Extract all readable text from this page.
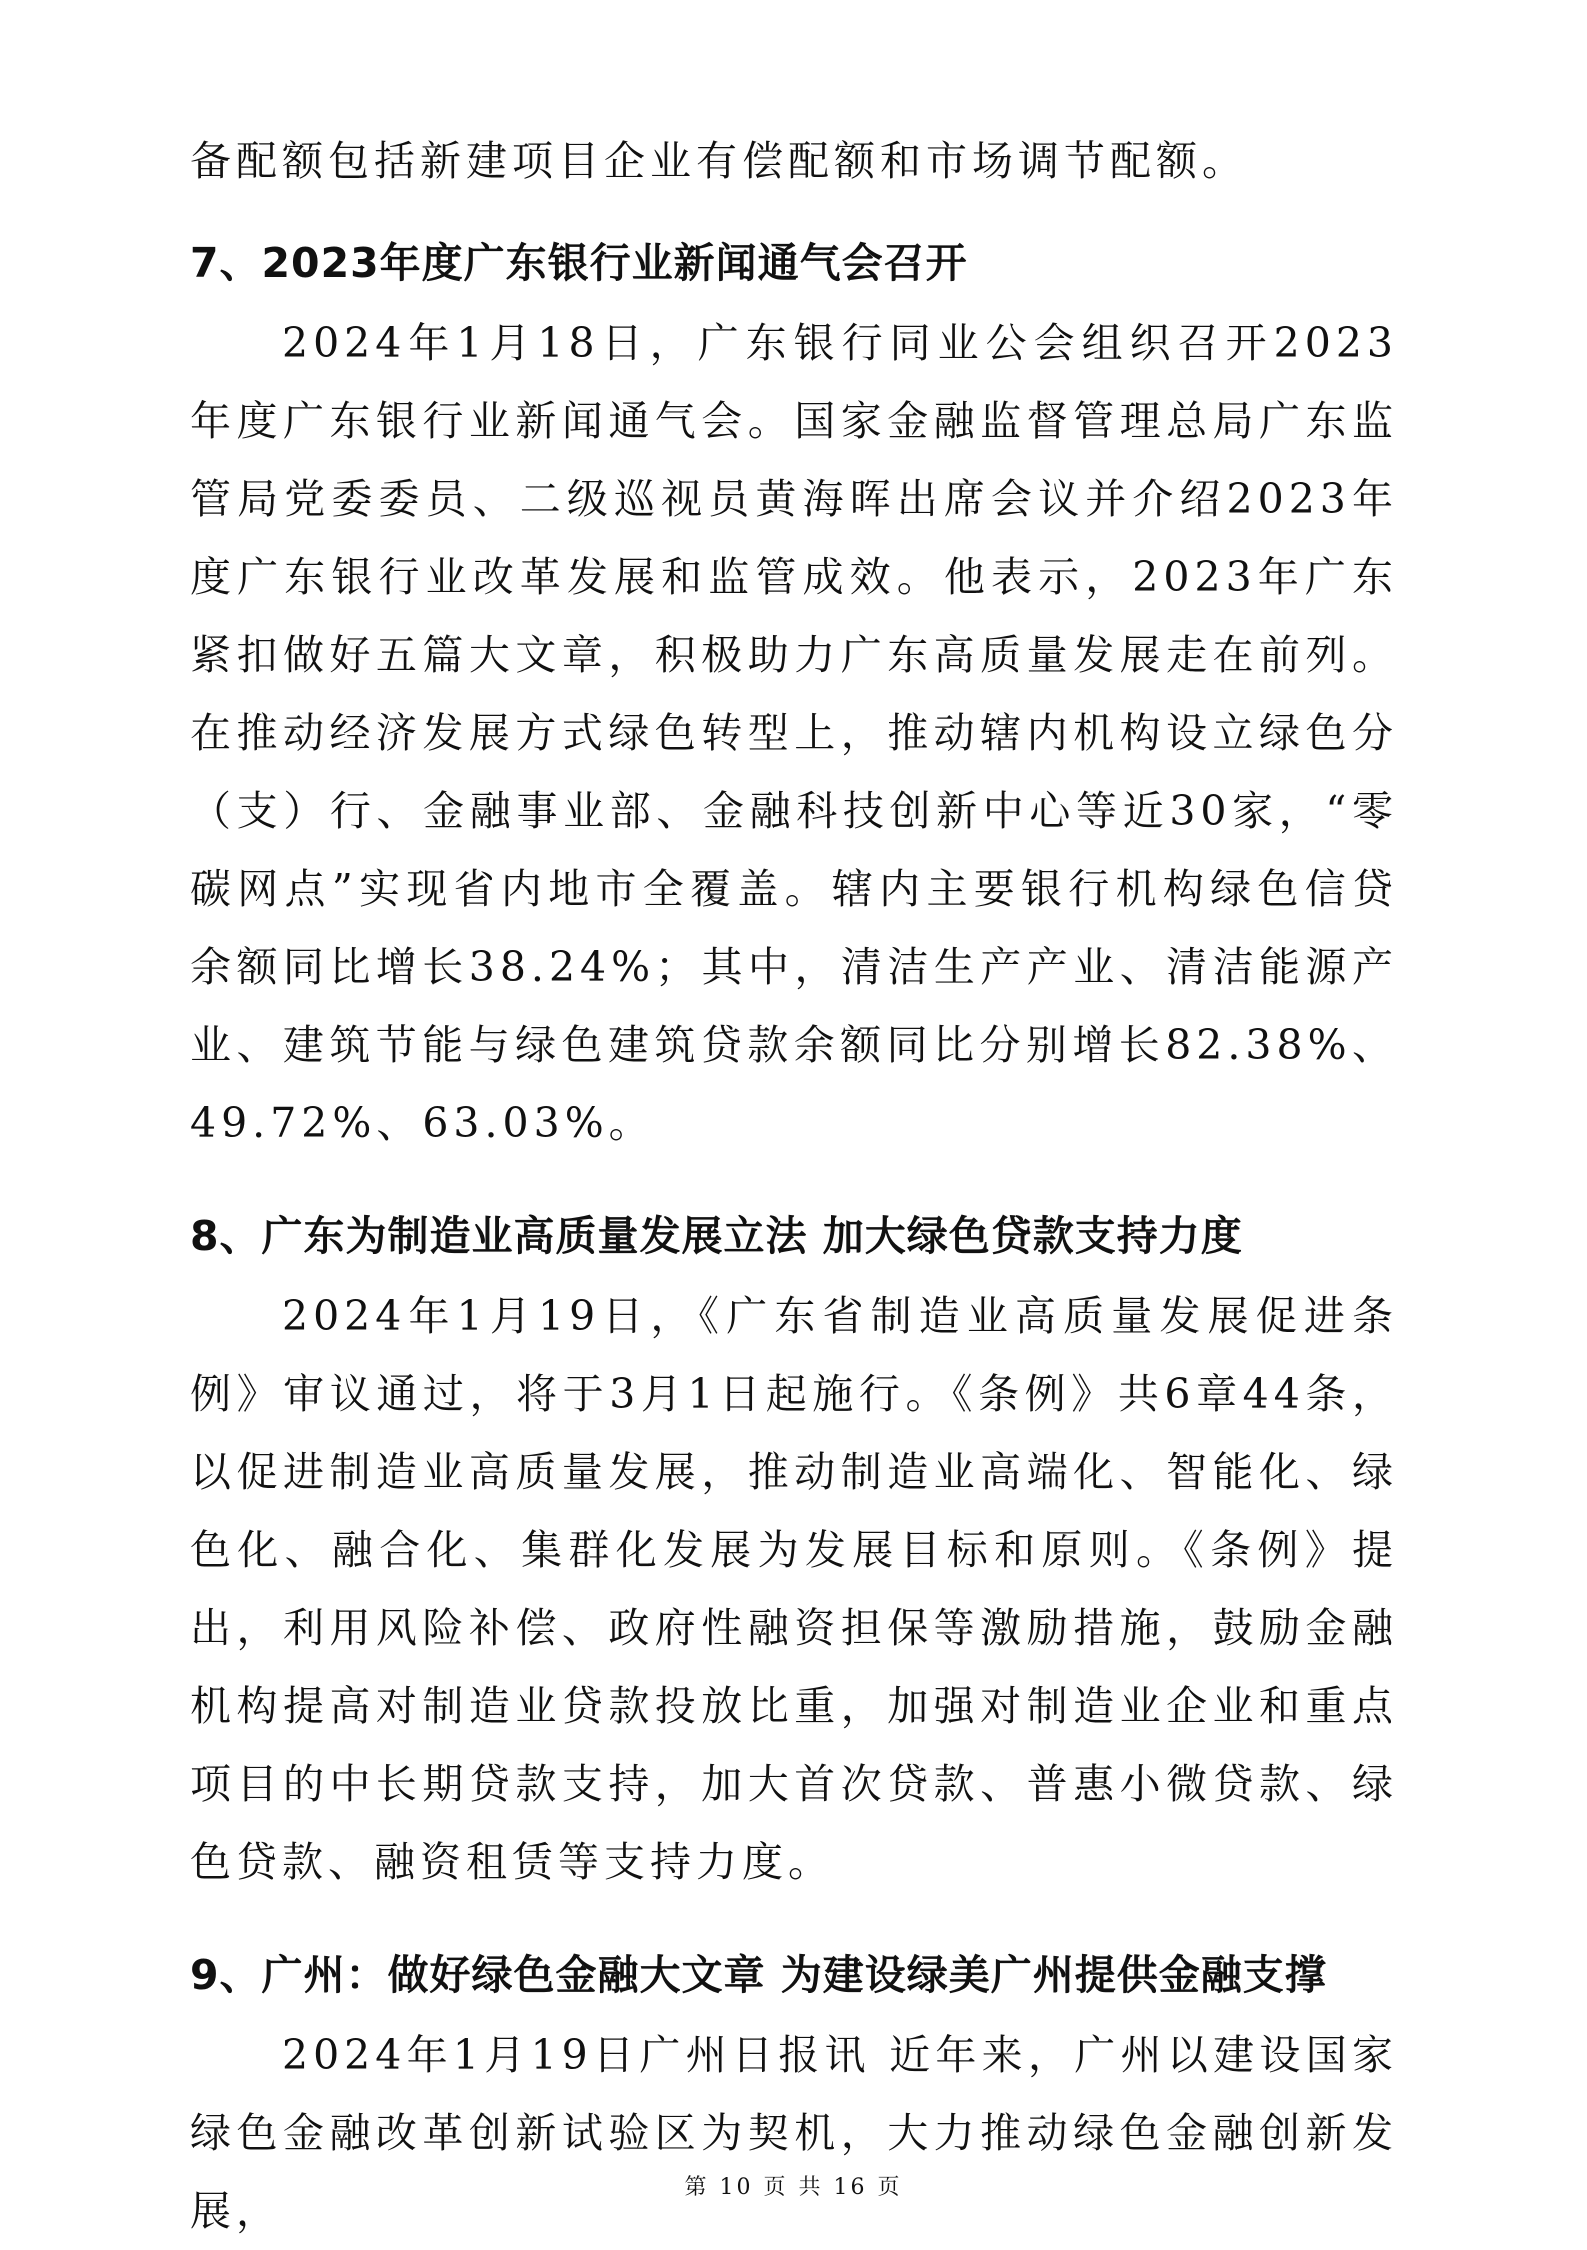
备配额包括新建项目企业有偿配额和市场调节配额。

7、2023年度广东银行业新闻通气会召开

2024年1月18日，广东银行同业公会组织召开2023年度广东银行业新闻通气会。国家金融监督管理总局广东监管局党委委员、二级巡视员黄海晖出席会议并介绍2023年度广东银行业改革发展和监管成效。他表示，2023年广东紧扣做好五篇大文章，积极助力广东高质量发展走在前列。在推动经济发展方式绿色转型上，推动辖内机构设立绿色分（支）行、金融事业部、金融科技创新中心等近30家，“零碳网点”实现省内地市全覆盖。辖内主要银行机构绿色信贷余额同比增长38.24%；其中，清洁生产产业、清洁能源产业、建筑节能与绿色建筑贷款余额同比分别增长82.38%、49.72%、63.03%。

8、广东为制造业高质量发展立法 加大绿色贷款支持力度

2024年1月19日，《广东省制造业高质量发展促进条例》审议通过，将于3月1日起施行。《条例》共6章44条，以促进制造业高质量发展，推动制造业高端化、智能化、绿色化、融合化、集群化发展为发展目标和原则。《条例》提出，利用风险补偿、政府性融资担保等激励措施，鼓励金融机构提高对制造业贷款投放比重，加强对制造业企业和重点项目的中长期贷款支持，加大首次贷款、普惠小微贷款、绿色贷款、融资租赁等支持力度。

9、广州：做好绿色金融大文章 为建设绿美广州提供金融支撑

2024年1月19日广州日报讯 近年来，广州以建设国家绿色金融改革创新试验区为契机，大力推动绿色金融创新发展，	第 10 页 共 16 页
